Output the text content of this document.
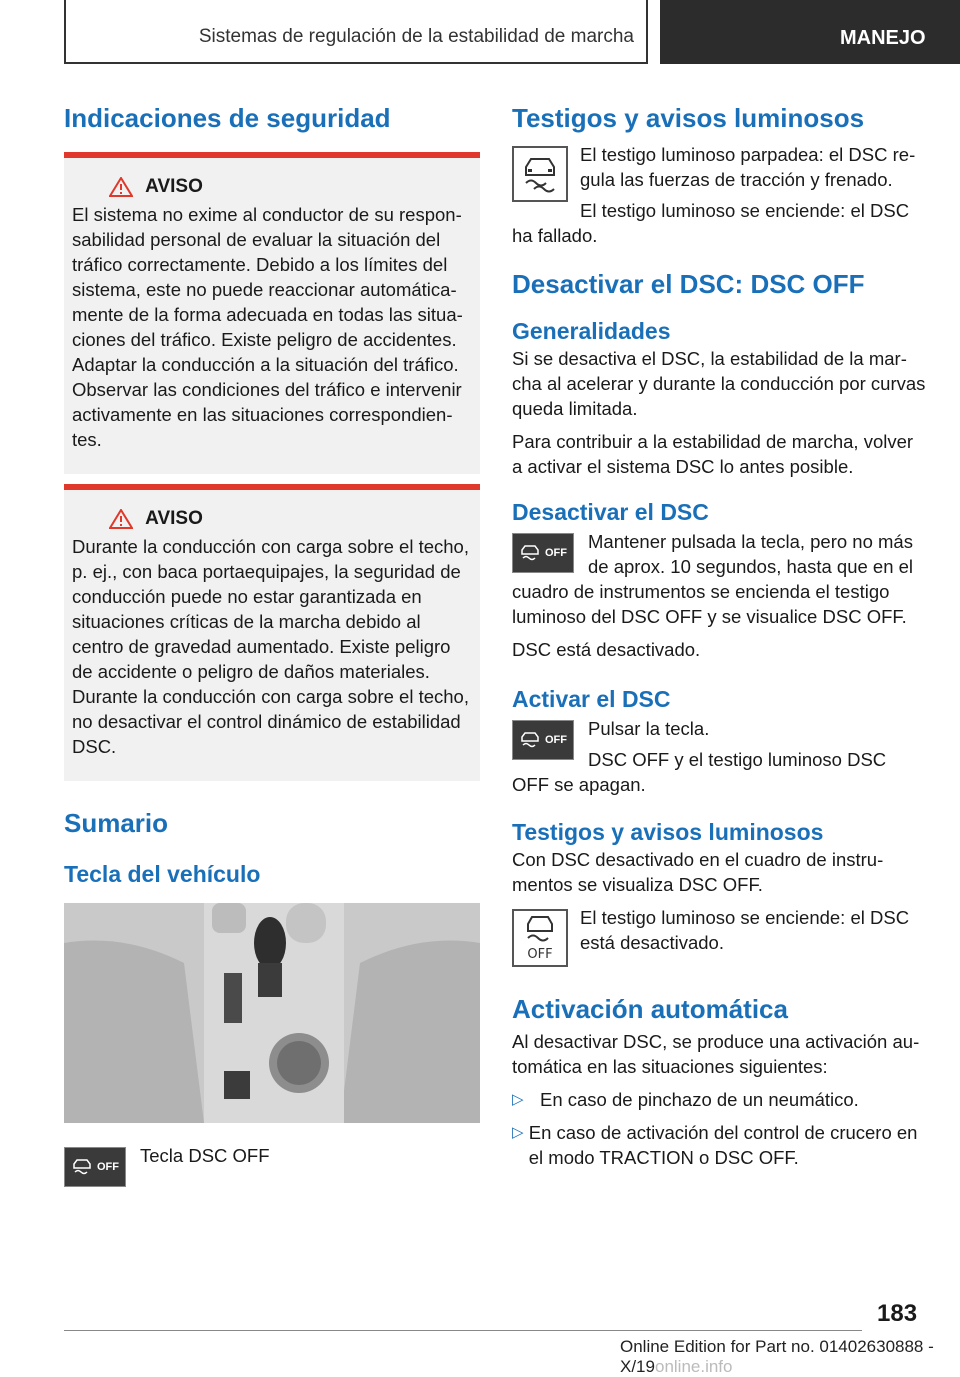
Sistemas de regulación de la estabilidad de marcha	MANEJO
Indicaciones de seguridad
AVISO

El sistema no exime al conductor de su responsabilidad personal de evaluar la situación del tráfico correctamente. Debido a los límites del sistema, este no puede reaccionar automáticamente de la forma adecuada en todas las situaciones del tráfico. Existe peligro de accidentes. Adaptar la conducción a la situación del tráfico. Observar las condiciones del tráfico e intervenir activamente en las situaciones correspondientes.

AVISO

Durante la conducción con carga sobre el techo, p. ej., con baca portaequipajes, la seguridad de conducción puede no estar garantizada en situaciones críticas de la marcha debido al centro de gravedad aumentado. Existe peligro de accidente o peligro de daños materiales. Durante la conducción con carga sobre el techo, no desactivar el control dinámico de estabilidad DSC.

Sumario
Tecla del vehículo
OFF

Tecla DSC OFF

Testigos y avisos luminosos

El testigo luminoso parpadea: el DSC regula las fuerzas de tracción y frenado.

El testigo luminoso se enciende: el DSC ha fallado.

Desactivar el DSC: DSC OFF
Generalidades

Si se desactiva el DSC, la estabilidad de la marcha al acelerar y durante la conducción por curvas queda limitada.

Para contribuir a la estabilidad de marcha, volver a activar el sistema DSC lo antes posible.

Desactivar el DSC
OFF

Mantener pulsada la tecla, pero no más de aprox. 10 segundos, hasta que en el cuadro de instrumentos se encienda el testigo luminoso del DSC OFF y se visualice DSC OFF.

DSC está desactivado.

Activar el DSC
OFF

Pulsar la tecla.

DSC OFF y el testigo luminoso DSC OFF se apagan.

Testigos y avisos luminosos

Con DSC desactivado en el cuadro de instrumentos se visualiza DSC OFF.

OFF

El testigo luminoso se enciende: el DSC está desactivado.

Activación automática

Al desactivar DSC, se produce una activación automática en las situaciones siguientes:

▷ En caso de pinchazo de un neumático.

▷ En caso de activación del control de crucero en el modo TRACTION o DSC OFF.

183
Online Edition for Part no. 01402630888 - X/19online.info
